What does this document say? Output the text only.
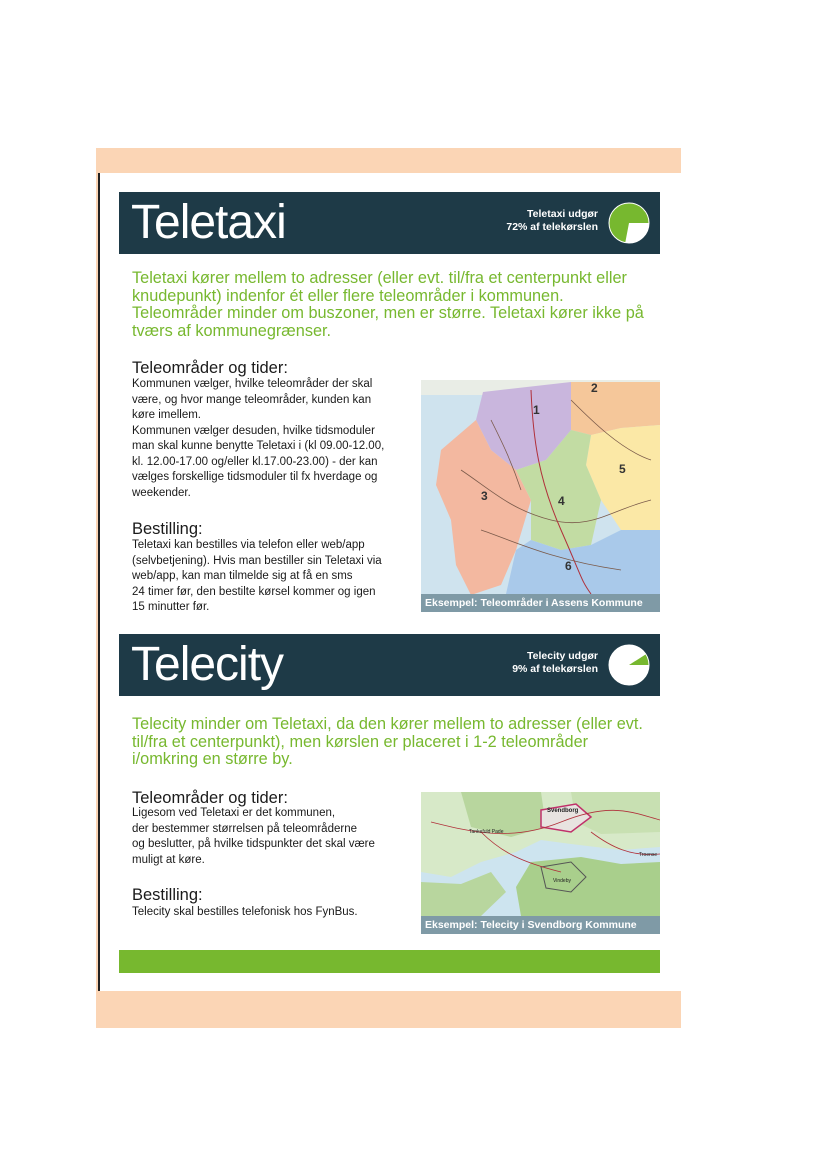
Teletaxi	Teletaxi udgør
72% af telekørslen
Teletaxi kører mellem to adresser (eller evt. til/fra et centerpunkt eller knudepunkt) indenfor ét eller flere teleområder i kommunen. Teleområder minder om buszoner, men er større. Teletaxi kører ikke på tværs af kommunegrænser.
Teleområder og tider:
Kommunen vælger, hvilke teleområder der skal
være, og hvor mange teleområder, kunden kan
køre imellem.
Kommunen vælger desuden, hvilke tidsmoduler
man skal kunne benytte Teletaxi i (kl 09.00-12.00,
kl. 12.00-17.00 og/eller kl.17.00-23.00) - der kan
vælges forskellige tidsmoduler til fx hverdage og
weekender.
Bestilling:
Teletaxi kan bestilles via telefon eller web/app
(selvbetjening). Hvis man bestiller sin Teletaxi via
web/app, kan man tilmelde sig at få en sms
24 timer før, den bestilte kørsel kommer og igen
15 minutter før.
1
2
3	4
5
6
Eksempel: Teleområder i Assens Kommune
Telecity	Telecity udgør
9% af telekørslen
Telecity minder om Teletaxi, da den kører mellem to adresser (eller evt. til/fra et centerpunkt), men kørslen er placeret i 1-2 teleområder i/omkring en større by.
Teleområder og tider:
Ligesom ved Teletaxi er det kommunen,
der bestemmer størrelsen på teleområderne
og beslutter, på hvilke tidspunkter det skal være
muligt at køre.
Bestilling:
Telecity skal bestilles telefonisk hos FynBus.
Svendborg
Tankefuld Pade
Vindeby
Troense
Eksempel: Telecity i Svendborg Kommune
